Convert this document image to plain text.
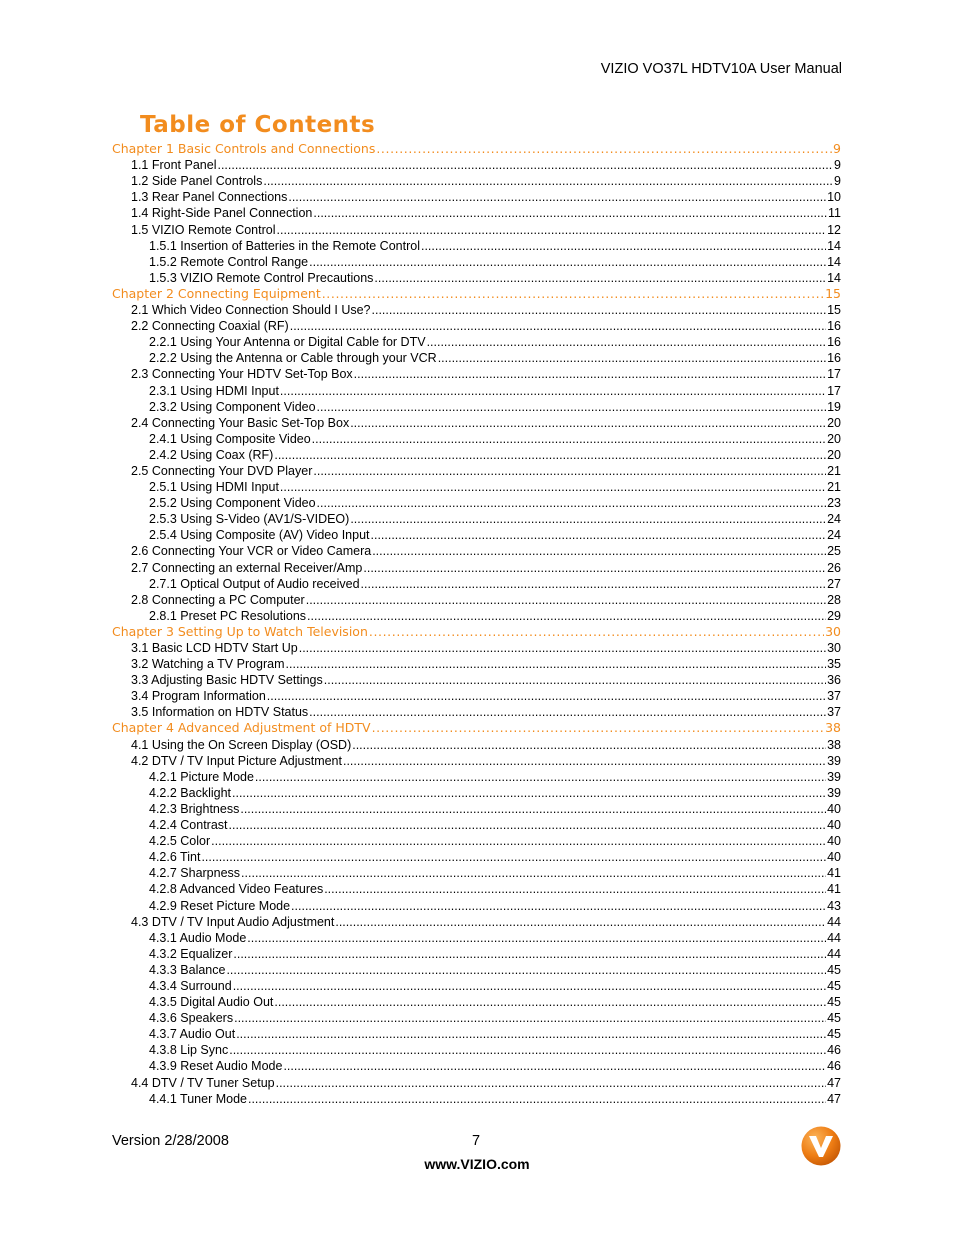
VIZIO VO37L HDTV10A User Manual
Table of Contents
Chapter 1 Basic Controls and Connections .....	9
1.1 Front Panel .....	9
1.2 Side Panel Controls .....	9
1.3 Rear Panel Connections .....	10
1.4 Right-Side Panel Connection .....	11
1.5 VIZIO Remote Control .....	12
1.5.1 Insertion of Batteries in the Remote Control .....	14
1.5.2 Remote Control Range .....	14
1.5.3 VIZIO Remote Control Precautions .....	14
Chapter 2 Connecting Equipment .....	15
2.1 Which Video Connection Should I Use? .....	15
2.2 Connecting Coaxial (RF) .....	16
2.2.1 Using Your Antenna or Digital Cable for DTV .....	16
2.2.2 Using the Antenna or Cable through your VCR .....	16
2.3 Connecting Your HDTV Set-Top Box .....	17
2.3.1 Using HDMI Input .....	17
2.3.2 Using Component Video .....	19
2.4 Connecting Your Basic Set-Top Box .....	20
2.4.1 Using Composite Video .....	20
2.4.2 Using Coax (RF) .....	20
2.5 Connecting Your DVD Player .....	21
2.5.1 Using HDMI Input .....	21
2.5.2 Using Component Video .....	23
2.5.3 Using S-Video (AV1/S-VIDEO) .....	24
2.5.4 Using Composite (AV) Video Input .....	24
2.6 Connecting Your VCR or Video Camera .....	25
2.7 Connecting an external Receiver/Amp .....	26
2.7.1 Optical Output of Audio received .....	27
2.8 Connecting a PC Computer .....	28
2.8.1 Preset PC Resolutions .....	29
Chapter 3 Setting Up to Watch Television .....	30
3.1 Basic LCD HDTV Start Up .....	30
3.2 Watching a TV Program .....	35
3.3 Adjusting Basic HDTV Settings .....	36
3.4 Program Information .....	37
3.5 Information on HDTV Status .....	37
Chapter 4 Advanced Adjustment of HDTV .....	38
4.1 Using the On Screen Display (OSD) .....	38
4.2 DTV / TV Input Picture Adjustment .....	39
4.2.1 Picture Mode .....	39
4.2.2 Backlight .....	39
4.2.3 Brightness .....	40
4.2.4 Contrast .....	40
4.2.5 Color .....	40
4.2.6 Tint .....	40
4.2.7 Sharpness .....	41
4.2.8 Advanced Video Features .....	41
4.2.9 Reset Picture Mode .....	43
4.3 DTV / TV Input Audio Adjustment .....	44
4.3.1 Audio Mode .....	44
4.3.2 Equalizer .....	44
4.3.3 Balance .....	45
4.3.4 Surround .....	45
4.3.5 Digital Audio Out .....	45
4.3.6 Speakers .....	45
4.3.7 Audio Out .....	45
4.3.8 Lip Sync .....	46
4.3.9 Reset Audio Mode .....	46
4.4 DTV / TV Tuner Setup .....	47
4.4.1 Tuner Mode .....	47
Version 2/28/2008	7
www.VIZIO.com
